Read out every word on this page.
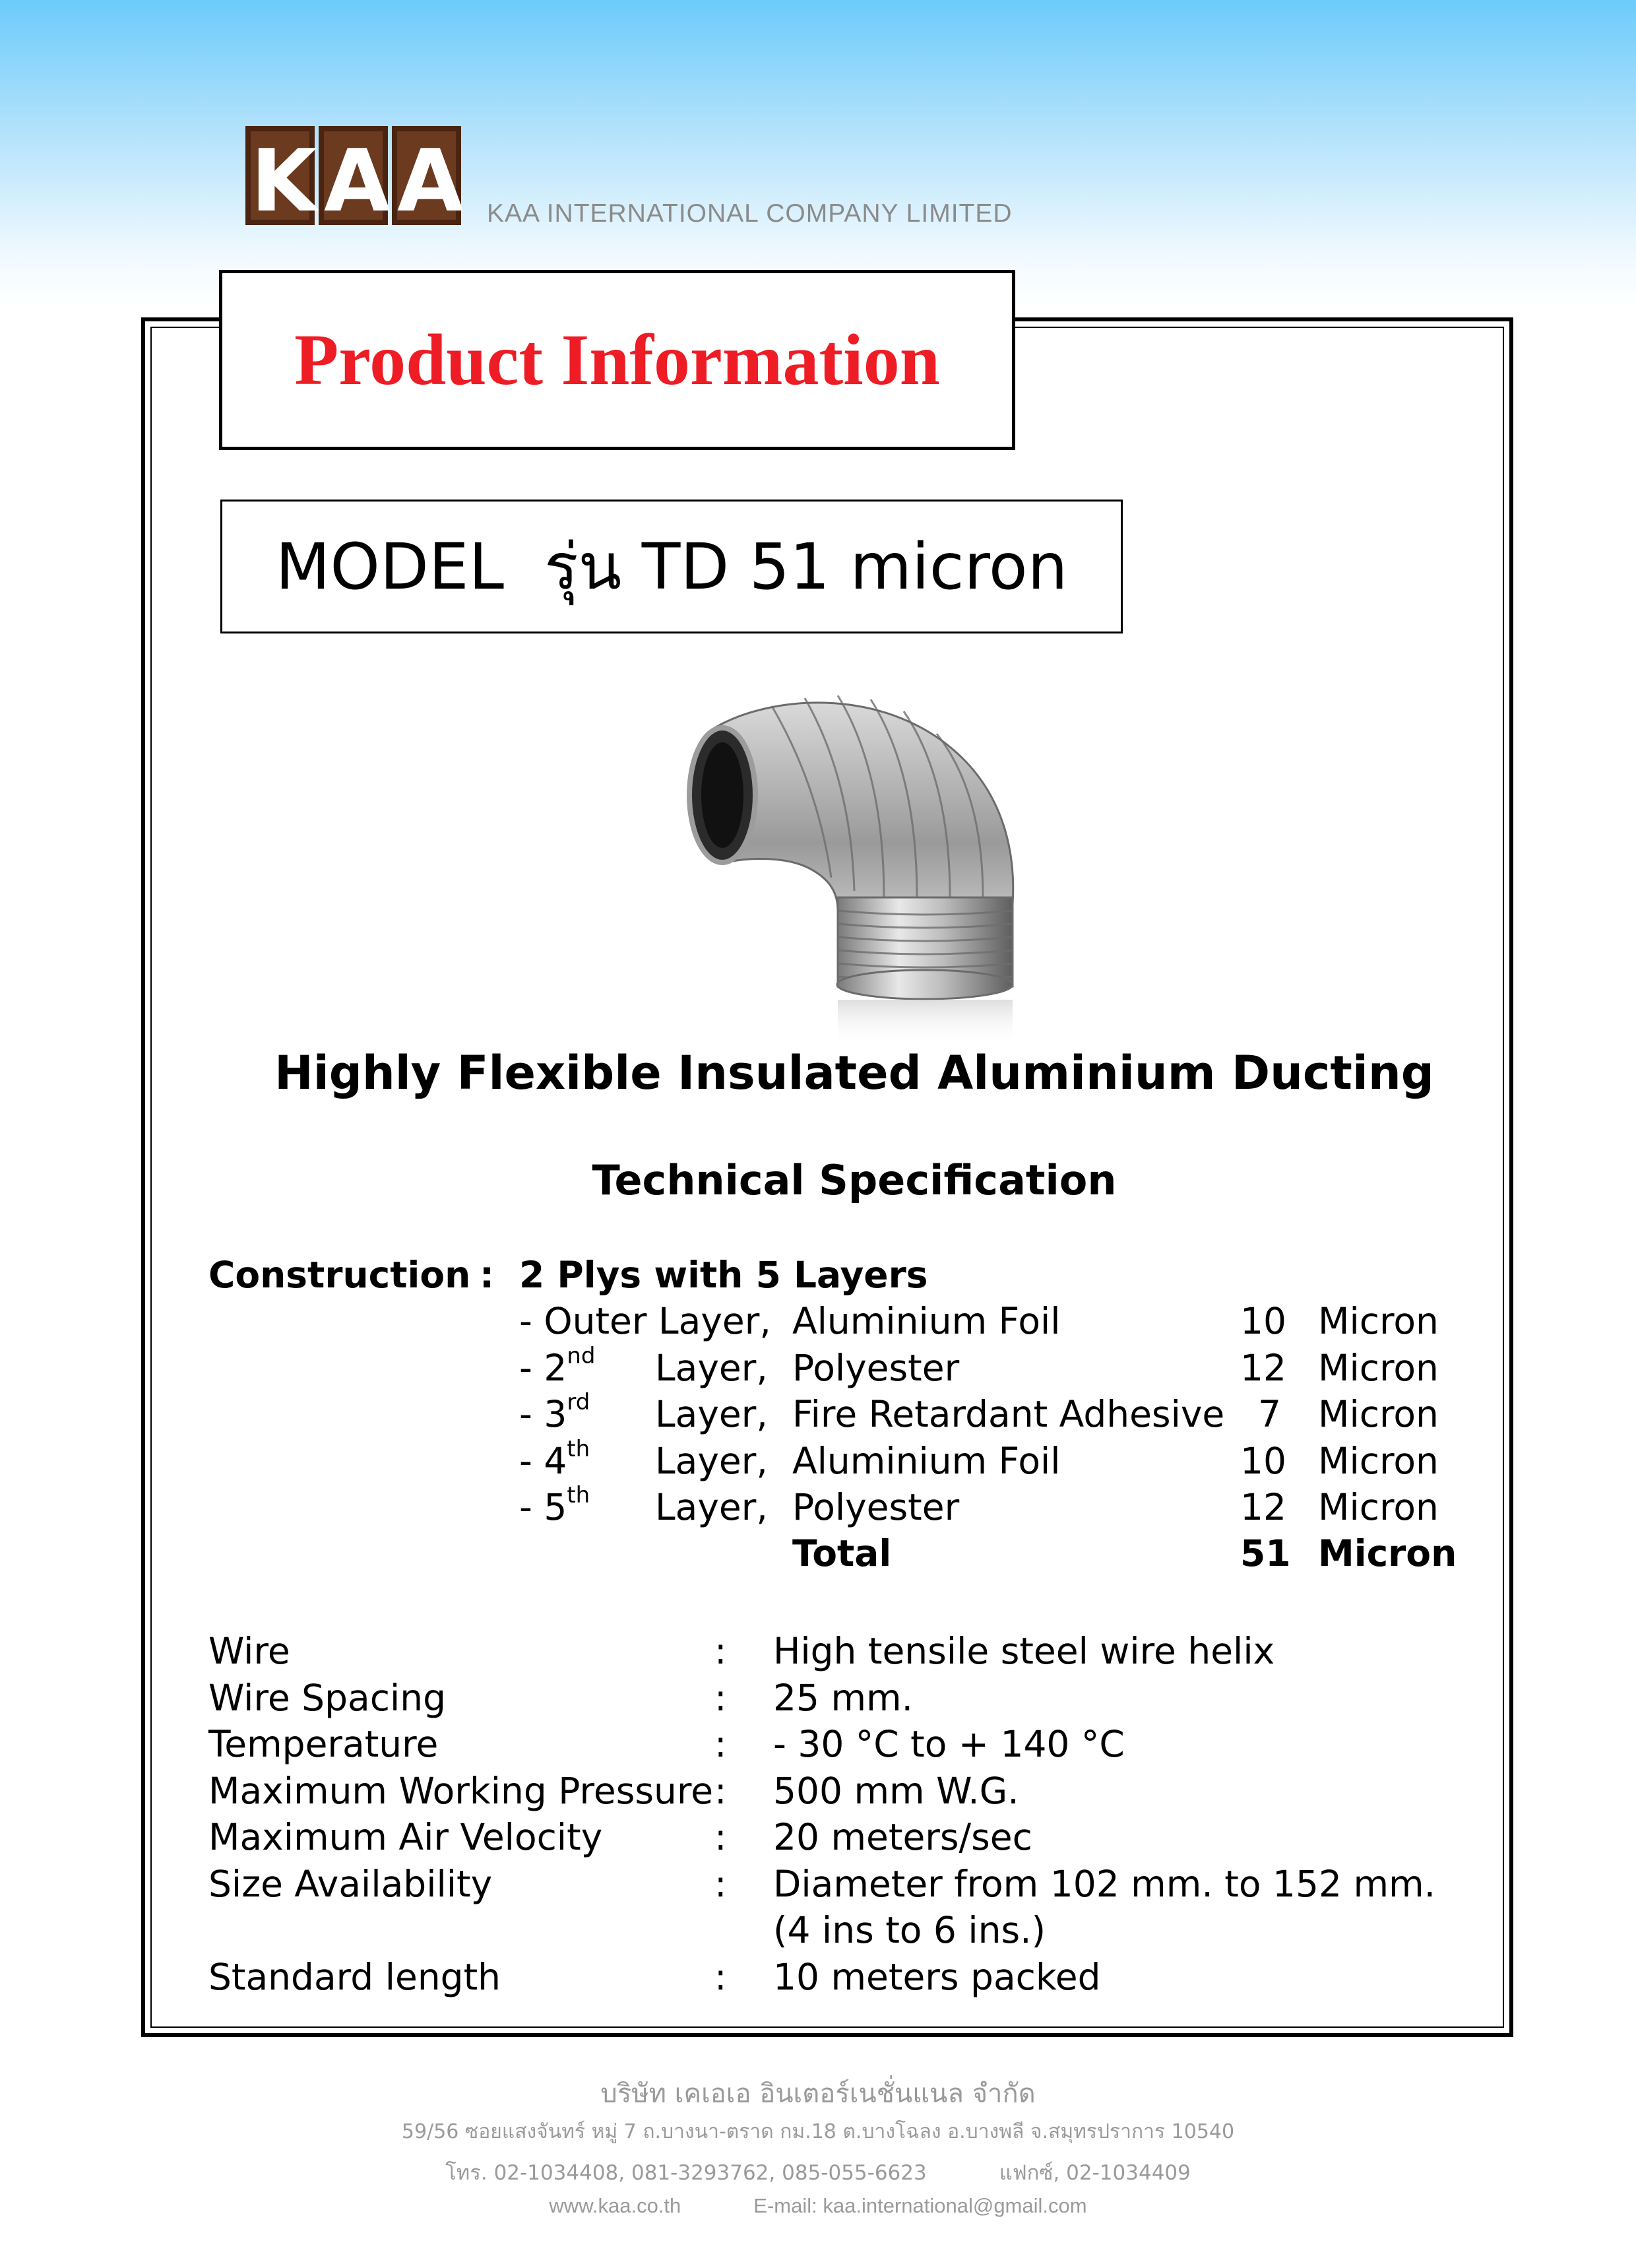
K A A KAA INTERNATIONAL COMPANY LIMITED
Product Information
MODEL  รุ่น TD 51 micron
Highly Flexible Insulated Aluminium Ducting
Technical Specification
Construction : 2 Plys with 5 Layers
- Outer Layer, Aluminium Foil	10 Micron
- 2nd Layer, Polyester	12 Micron
- 3rd Layer, Fire Retardant Adhesive 7 Micron
- 4th Layer, Aluminium Foil	10 Micron
- 5th Layer, Polyester	12 Micron
Total	51 Micron
Wire	: High tensile steel wire helix
Wire Spacing	: 25 mm.
Temperature	: - 30 °C to + 140 °C
Maximum Working Pressure : 500 mm W.G.
Maximum Air Velocity	: 20 meters/sec
Size Availability	: Diameter from 102 mm. to 152 mm.
(4 ins to 6 ins.)
Standard length	: 10 meters packed
บริษัท เคเอเอ อินเตอร์เนชั่นแนล จำกัด
59/56 ซอยแสงจันทร์ หมู่ 7 ถ.บางนา-ตราด กม.18 ต.บางโฉลง อ.บางพลี จ.สมุทรปราการ 10540
โทร. 02-1034408, 081-3293762, 085-055-6623	แฟกซ์, 02-1034409
www.kaa.co.th	E-mail: kaa.international@gmail.com
